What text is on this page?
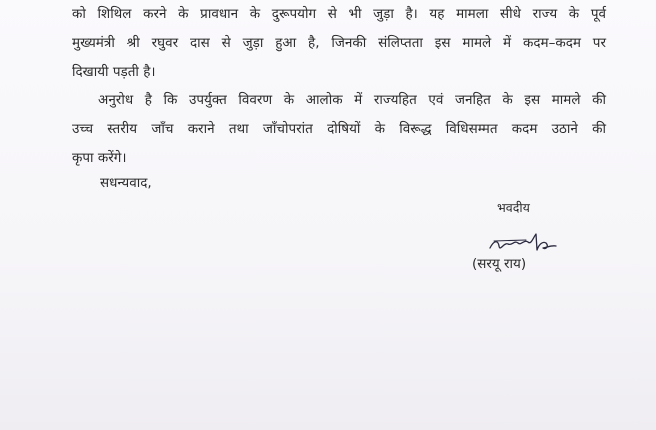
को शिथिल करने के प्रावधान के दुरूपयोग से भी जुड़ा है। यह मामला सीधे राज्य के पूर्व
मुख्यमंत्री श्री रघुवर दास से जुड़ा हुआ है, जिनकी संलिप्तता इस मामले में कदम–कदम पर
दिखायी पड़ती है।
अनुरोध है कि उपर्युक्त विवरण के आलोक में राज्यहित एवं जनहित के इस मामले की
उच्च स्तरीय जाँच कराने तथा जाँचोपरांत दोषियों के विरूद्ध विधिसम्मत कदम उठाने की
कृपा करेंगे।
सधन्यवाद,
भवदीय
(सरयू राय)
